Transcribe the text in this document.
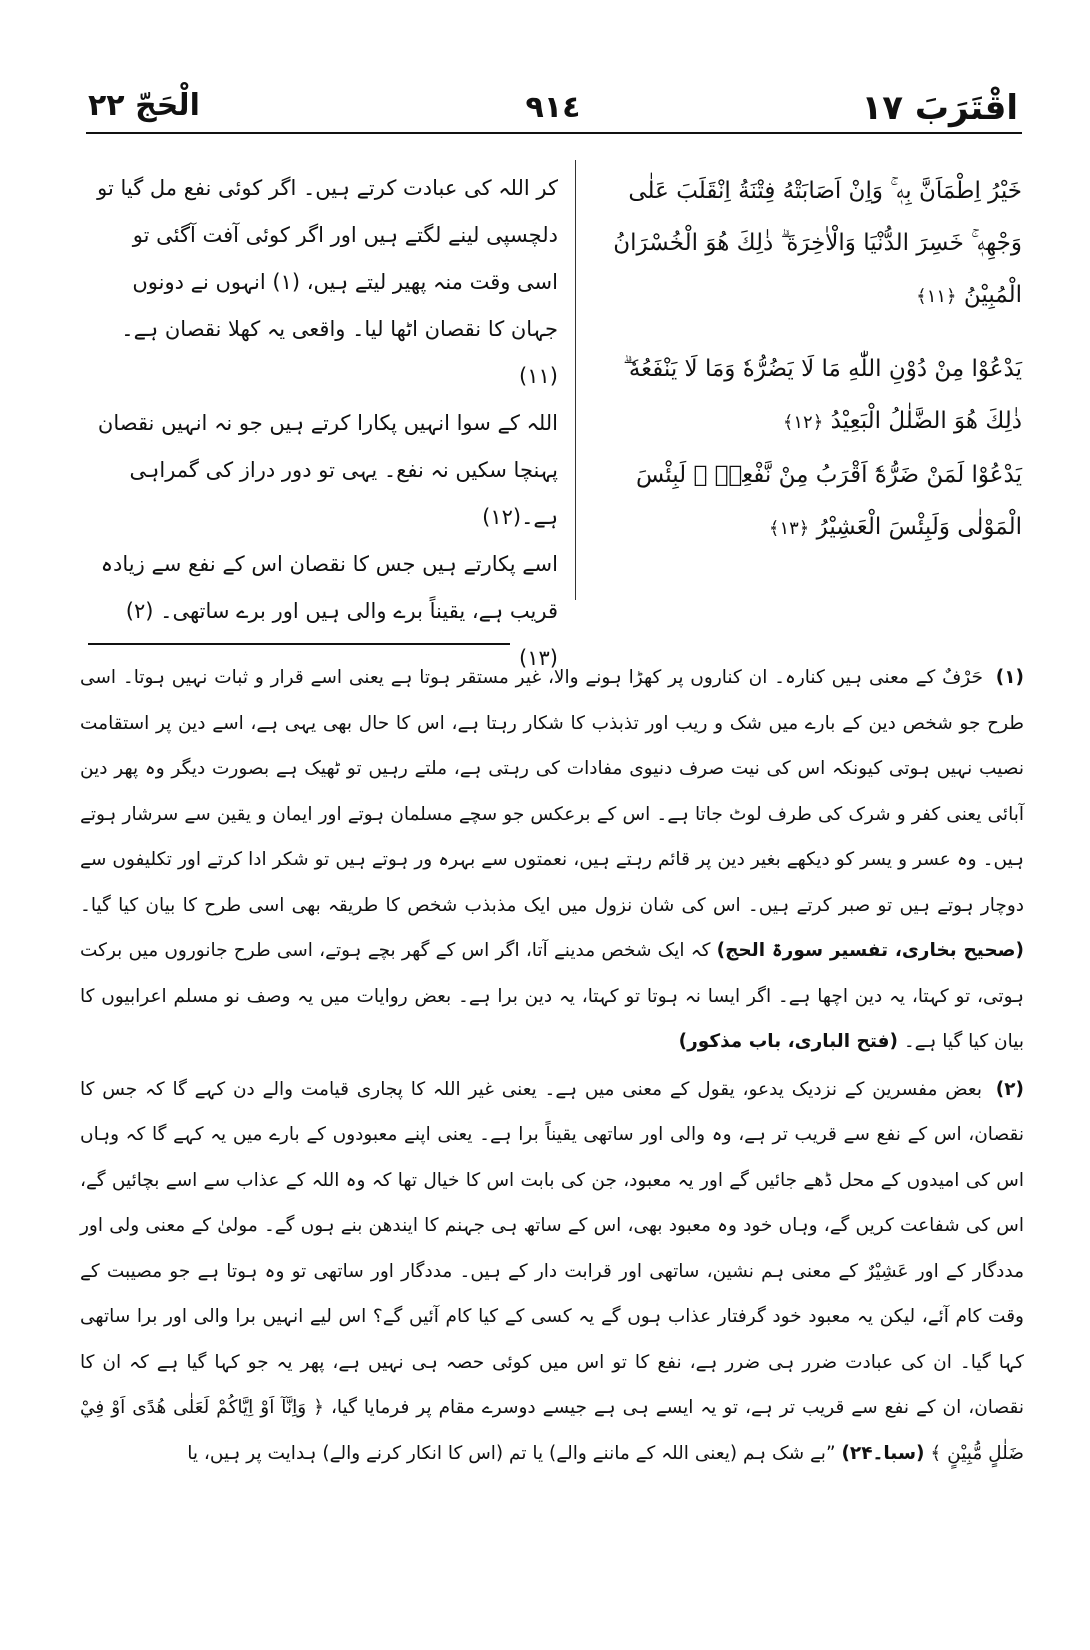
اقْتَرَبَ ١٧
٩١٤
الْحَجّ ٢٢

خَيْرُ اِطْمَاَنَّ بِهٖ ۚ وَاِنْ اَصَابَتْهُ فِتْنَةُ اِنْقَلَبَ عَلٰى وَجْهِهٖ ۚ خَسِرَ الدُّنْيَا وَالْاٰخِرَةَ ۗ ذٰلِكَ هُوَ الْخُسْرَانُ الْمُبِيْنُ ﴿١١﴾

يَدْعُوْا مِنْ دُوْنِ اللّٰهِ مَا لَا يَضُرُّهٗ وَمَا لَا يَنْفَعُهٗ ۗ ذٰلِكَ هُوَ الضَّلٰلُ الْبَعِيْدُ ﴿١٢﴾

يَدْعُوْا لَمَنْ ضَرُّهٗٓ اَقْرَبُ مِنْ نَّفْعِهٖ ۗ لَبِئْسَ الْمَوْلٰى وَلَبِئْسَ الْعَشِيْرُ ﴿١٣﴾

کر اللہ کی عبادت کرتے ہیں۔ اگر کوئی نفع مل گیا تو دلچسپی لینے لگتے ہیں اور اگر کوئی آفت آگئی تو اسی وقت منہ پھیر لیتے ہیں، (۱) انہوں نے دونوں جہان کا نقصان اٹھا لیا۔ واقعی یہ کھلا نقصان ہے۔(۱۱)

اللہ کے سوا انہیں پکارا کرتے ہیں جو نہ انہیں نقصان پہنچا سکیں نہ نفع۔ یہی تو دور دراز کی گمراہی ہے۔(۱۲)

اسے پکارتے ہیں جس کا نقصان اس کے نفع سے زیادہ قریب ہے، یقیناً برے والی ہیں اور برے ساتھی۔ (۲) (۱۳)

(۱) حَرْفٌ کے معنی ہیں کنارہ۔ ان کناروں پر کھڑا ہونے والا، غیر مستقر ہوتا ہے یعنی اسے قرار و ثبات نہیں ہوتا۔ اسی طرح جو شخص دین کے بارے میں شک و ریب اور تذبذب کا شکار رہتا ہے، اس کا حال بھی یہی ہے، اسے دین پر استقامت نصیب نہیں ہوتی کیونکہ اس کی نیت صرف دنیوی مفادات کی رہتی ہے، ملتے رہیں تو ٹھیک ہے بصورت دیگر وہ پھر دین آبائی یعنی کفر و شرک کی طرف لوٹ جاتا ہے۔ اس کے برعکس جو سچے مسلمان ہوتے اور ایمان و یقین سے سرشار ہوتے ہیں۔ وہ عسر و یسر کو دیکھے بغیر دین پر قائم رہتے ہیں، نعمتوں سے بہرہ ور ہوتے ہیں تو شکر ادا کرتے اور تکلیفوں سے دوچار ہوتے ہیں تو صبر کرتے ہیں۔ اس کی شان نزول میں ایک مذبذب شخص کا طریقہ بھی اسی طرح کا بیان کیا گیا۔ (صحیح بخاری، تفسیر سورۃ الحج) کہ ایک شخص مدینے آتا، اگر اس کے گھر بچے ہوتے، اسی طرح جانوروں میں برکت ہوتی، تو کہتا، یہ دین اچھا ہے۔ اگر ایسا نہ ہوتا تو کہتا، یہ دین برا ہے۔ بعض روایات میں یہ وصف نو مسلم اعرابیوں کا بیان کیا گیا ہے۔ (فتح الباری، باب مذکور)

(۲) بعض مفسرین کے نزدیک یدعو، یقول کے معنی میں ہے۔ یعنی غیر اللہ کا پجاری قیامت والے دن کہے گا کہ جس کا نقصان، اس کے نفع سے قریب تر ہے، وہ والی اور ساتھی یقیناً برا ہے۔ یعنی اپنے معبودوں کے بارے میں یہ کہے گا کہ وہاں اس کی امیدوں کے محل ڈھے جائیں گے اور یہ معبود، جن کی بابت اس کا خیال تھا کہ وہ اللہ کے عذاب سے اسے بچائیں گے، اس کی شفاعت کریں گے، وہاں خود وہ معبود بھی، اس کے ساتھ ہی جہنم کا ایندھن بنے ہوں گے۔ مولیٰ کے معنی ولی اور مددگار کے اور عَشِيْرٌ کے معنی ہم نشین، ساتھی اور قرابت دار کے ہیں۔ مددگار اور ساتھی تو وہ ہوتا ہے جو مصیبت کے وقت کام آئے، لیکن یہ معبود خود گرفتار عذاب ہوں گے یہ کسی کے کیا کام آئیں گے؟ اس لیے انہیں برا والی اور برا ساتھی کہا گیا۔ ان کی عبادت ضرر ہی ضرر ہے، نفع کا تو اس میں کوئی حصہ ہی نہیں ہے، پھر یہ جو کہا گیا ہے کہ ان کا نقصان، ان کے نفع سے قریب تر ہے، تو یہ ایسے ہی ہے جیسے دوسرے مقام پر فرمایا گیا، ﴿ وَاِنَّآ اَوْ اِيَّاكُمْ لَعَلٰى هُدًى اَوْ فِيْ ضَلٰلٍ مُّبِيْنٍ ﴾ (سبا۔۲۴) ”بے شک ہم (یعنی اللہ کے ماننے والے) یا تم (اس کا انکار کرنے والے) ہدایت پر ہیں، یا
